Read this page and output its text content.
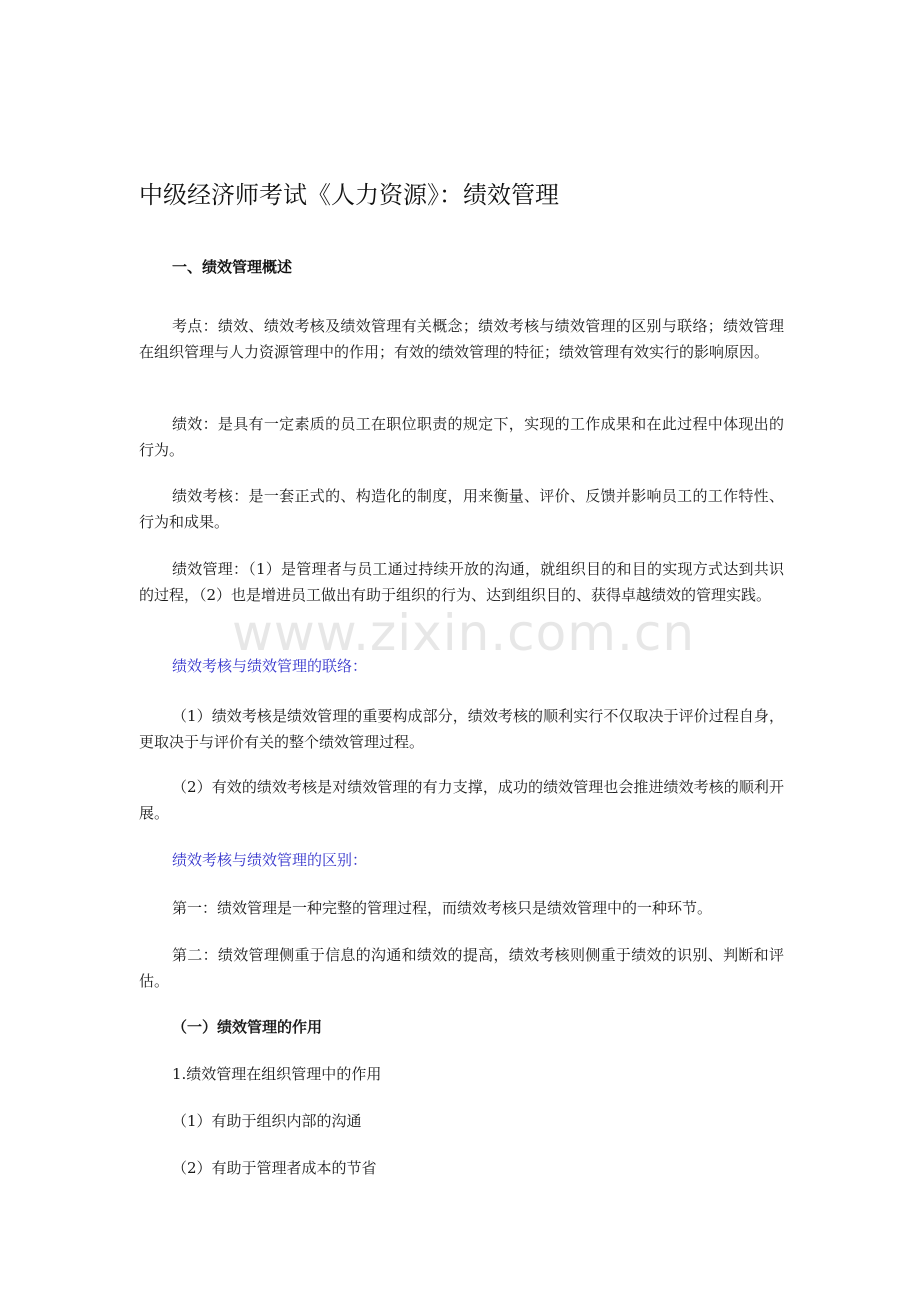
中级经济师考试《人力资源》：绩效管理
一、绩效管理概述
考点：绩效、绩效考核及绩效管理有关概念；绩效考核与绩效管理的区别与联络；绩效管理在组织管理与人力资源管理中的作用；有效的绩效管理的特征；绩效管理有效实行的影响原因。
绩效：是具有一定素质的员工在职位职责的规定下，实现的工作成果和在此过程中体现出的行为。
绩效考核：是一套正式的、构造化的制度，用来衡量、评价、反馈并影响员工的工作特性、行为和成果。
绩效管理：（1）是管理者与员工通过持续开放的沟通，就组织目的和目的实现方式达到共识的过程，（2）也是增进员工做出有助于组织的行为、达到组织目的、获得卓越绩效的管理实践。
绩效考核与绩效管理的联络：
（1）绩效考核是绩效管理的重要构成部分，绩效考核的顺利实行不仅取决于评价过程自身，更取决于与评价有关的整个绩效管理过程。
（2）有效的绩效考核是对绩效管理的有力支撑，成功的绩效管理也会推进绩效考核的顺利开展。
绩效考核与绩效管理的区别：
第一：绩效管理是一种完整的管理过程，而绩效考核只是绩效管理中的一种环节。
第二：绩效管理侧重于信息的沟通和绩效的提高，绩效考核则侧重于绩效的识别、判断和评估。
（一）绩效管理的作用
1.绩效管理在组织管理中的作用
（1）有助于组织内部的沟通
（2）有助于管理者成本的节省
www.zixin.com.cn
